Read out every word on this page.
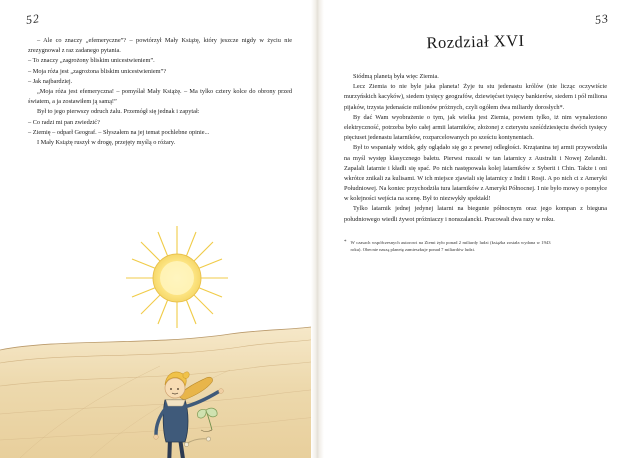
52

– Ale co znaczy „efemeryczne”? – powtórzył Mały Książę, który jeszcze nigdy w życiu nie zrezygnował z raz zadanego pytania.

– To znaczy „zagrożony bliskim unicestwieniem”.

– Moja róża jest „zagrożona bliskim unicestwieniem”?

– Jak najbardziej.

„Moja róża jest efemeryczna! – pomyślał Mały Książę. – Ma tylko cztery kolce do obrony przed światem, a ja zostawiłem ją samą!”

Był to jego pierwszy odruch żalu. Przemógł się jednak i zapytał:

– Co radzi mi pan zwiedzić?

– Ziemię – odparł Geograf. – Słyszałem na jej temat pochlebne opinie...

I Mały Książę ruszył w drogę, przejęty myślą o różary.

53
Rozdział XVI

Siódmą planetą była więc Ziemia.

Lecz Ziemia to nie byle jaka planeta! Żyje tu stu jedenastu królów (nie licząc oczywiście murzyńskich kacyków), siedem tysięcy geografów, dziewięćset tysięcy bankierów, siedem i pół miliona pijaków, trzysta jedenaście milionów próżnych, czyli ogółem dwa miliardy dorosłych*.

By dać Wam wyobrażenie o tym, jak wielka jest Ziemia, powiem tylko, iż nim wynaleziono elektryczność, potrzeba było całej armii latarników, złożonej z czterystu sześćdziesięciu dwóch tysięcy pięciuset jedenastu latarników, rozparcelowanych po sześciu kontynentach.

Był to wspaniały widok, gdy oglądało się go z pewnej odległości. Krzątanina tej armii przywodziła na myśl występ klasycznego baletu. Pierwsi ruszali w tan latarnicy z Australii i Nowej Zelandii. Zapalali latarnie i kładli się spać. Po nich następowała kolej latarników z Syberii i Chin. Także i oni wkrótce znikali za kulisami. W ich miejsce zjawiali się latarnicy z Indii i Rosji. A po nich ci z Ameryki Południowej. Na koniec przychodziła tura latarników z Ameryki Północnej. I nie było mowy o pomyłce w kolejności wejścia na scenę. Był to niezwykły spektakl!

Tylko latarnik jednej jedynej latarni na biegunie północnym oraz jego kompan z bieguna południowego wiedli żywot próżniaczy i nonszalancki. Pracowali dwa razy w roku.

* W czasach współczesnych autorowi na Ziemi żyło ponad 2 miliardy ludzi (książka została wydana w 1943 roku). Obecnie naszą planetę zamieszkuje ponad 7 miliardów ludzi.
